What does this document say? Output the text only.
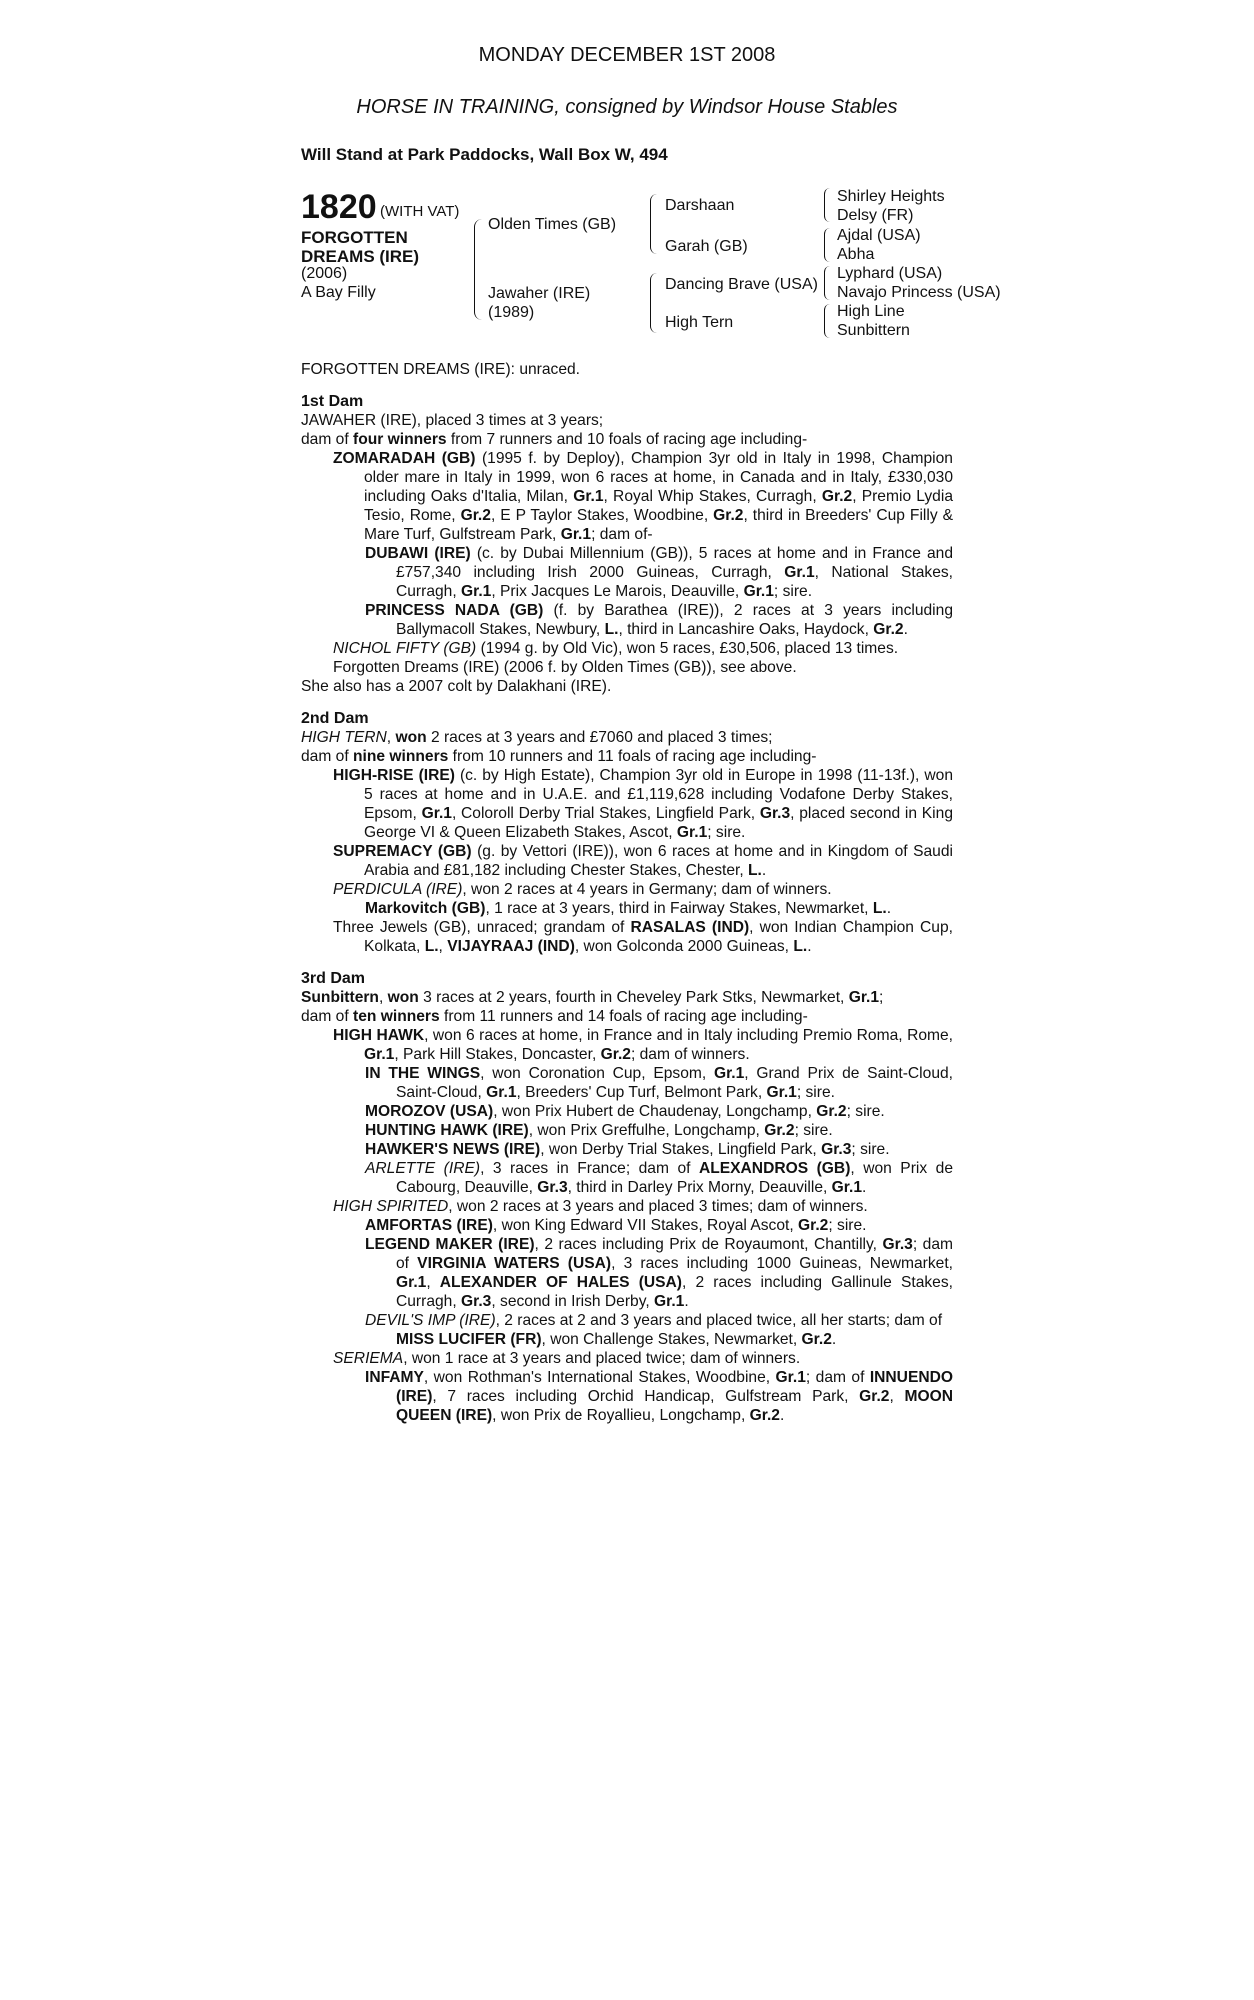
MONDAY DECEMBER 1ST 2008
HORSE IN TRAINING, consigned by Windsor House Stables
Will Stand at Park Paddocks, Wall Box W, 494
1820 (WITH VAT)
FORGOTTEN
DREAMS (IRE)
(2006)
A Bay Filly
Olden Times (GB)
Jawaher (IRE)
(1989)
Darshaan
Garah (GB)
Dancing Brave (USA)
High Tern
Shirley Heights
Delsy (FR)
Ajdal (USA)
Abha
Lyphard (USA)
Navajo Princess (USA)
High Line
Sunbittern

FORGOTTEN DREAMS (IRE): unraced.

1st Dam

JAWAHER (IRE), placed 3 times at 3 years;

dam of four winners from 7 runners and 10 foals of racing age including-

ZOMARADAH (GB) (1995 f. by Deploy), Champion 3yr old in Italy in 1998, Champion older mare in Italy in 1999, won 6 races at home, in Canada and in Italy, £330,030 including Oaks d'Italia, Milan, Gr.1, Royal Whip Stakes, Curragh, Gr.2, Premio Lydia Tesio, Rome, Gr.2, E P Taylor Stakes, Woodbine, Gr.2, third in Breeders' Cup Filly & Mare Turf, Gulfstream Park, Gr.1; dam of-

DUBAWI (IRE) (c. by Dubai Millennium (GB)), 5 races at home and in France and £757,340 including Irish 2000 Guineas, Curragh, Gr.1, National Stakes, Curragh, Gr.1, Prix Jacques Le Marois, Deauville, Gr.1; sire.

PRINCESS NADA (GB) (f. by Barathea (IRE)), 2 races at 3 years including Ballymacoll Stakes, Newbury, L., third in Lancashire Oaks, Haydock, Gr.2.

NICHOL FIFTY (GB) (1994 g. by Old Vic), won 5 races, £30,506, placed 13 times.

Forgotten Dreams (IRE) (2006 f. by Olden Times (GB)), see above.

She also has a 2007 colt by Dalakhani (IRE).

2nd Dam

HIGH TERN, won 2 races at 3 years and £7060 and placed 3 times;

dam of nine winners from 10 runners and 11 foals of racing age including-

HIGH-RISE (IRE) (c. by High Estate), Champion 3yr old in Europe in 1998 (11-13f.), won 5 races at home and in U.A.E. and £1,119,628 including Vodafone Derby Stakes, Epsom, Gr.1, Coloroll Derby Trial Stakes, Lingfield Park, Gr.3, placed second in King George VI & Queen Elizabeth Stakes, Ascot, Gr.1; sire.

SUPREMACY (GB) (g. by Vettori (IRE)), won 6 races at home and in Kingdom of Saudi Arabia and £81,182 including Chester Stakes, Chester, L..

PERDICULA (IRE), won 2 races at 4 years in Germany; dam of winners.

Markovitch (GB), 1 race at 3 years, third in Fairway Stakes, Newmarket, L..

Three Jewels (GB), unraced; grandam of RASALAS (IND), won Indian Champion Cup, Kolkata, L., VIJAYRAAJ (IND), won Golconda 2000 Guineas, L..

3rd Dam

Sunbittern, won 3 races at 2 years, fourth in Cheveley Park Stks, Newmarket, Gr.1;

dam of ten winners from 11 runners and 14 foals of racing age including-

HIGH HAWK, won 6 races at home, in France and in Italy including Premio Roma, Rome, Gr.1, Park Hill Stakes, Doncaster, Gr.2; dam of winners.

IN THE WINGS, won Coronation Cup, Epsom, Gr.1, Grand Prix de Saint-Cloud, Saint-Cloud, Gr.1, Breeders' Cup Turf, Belmont Park, Gr.1; sire.

MOROZOV (USA), won Prix Hubert de Chaudenay, Longchamp, Gr.2; sire.

HUNTING HAWK (IRE), won Prix Greffulhe, Longchamp, Gr.2; sire.

HAWKER'S NEWS (IRE), won Derby Trial Stakes, Lingfield Park, Gr.3; sire.

ARLETTE (IRE), 3 races in France; dam of ALEXANDROS (GB), won Prix de Cabourg, Deauville, Gr.3, third in Darley Prix Morny, Deauville, Gr.1.

HIGH SPIRITED, won 2 races at 3 years and placed 3 times; dam of winners.

AMFORTAS (IRE), won King Edward VII Stakes, Royal Ascot, Gr.2; sire.

LEGEND MAKER (IRE), 2 races including Prix de Royaumont, Chantilly, Gr.3; dam of VIRGINIA WATERS (USA), 3 races including 1000 Guineas, Newmarket, Gr.1, ALEXANDER OF HALES (USA), 2 races including Gallinule Stakes, Curragh, Gr.3, second in Irish Derby, Gr.1.

DEVIL'S IMP (IRE), 2 races at 2 and 3 years and placed twice, all her starts; dam of

MISS LUCIFER (FR), won Challenge Stakes, Newmarket, Gr.2.

SERIEMA, won 1 race at 3 years and placed twice; dam of winners.

INFAMY, won Rothman's International Stakes, Woodbine, Gr.1; dam of INNUENDO (IRE), 7 races including Orchid Handicap, Gulfstream Park, Gr.2, MOON QUEEN (IRE), won Prix de Royallieu, Longchamp, Gr.2.
